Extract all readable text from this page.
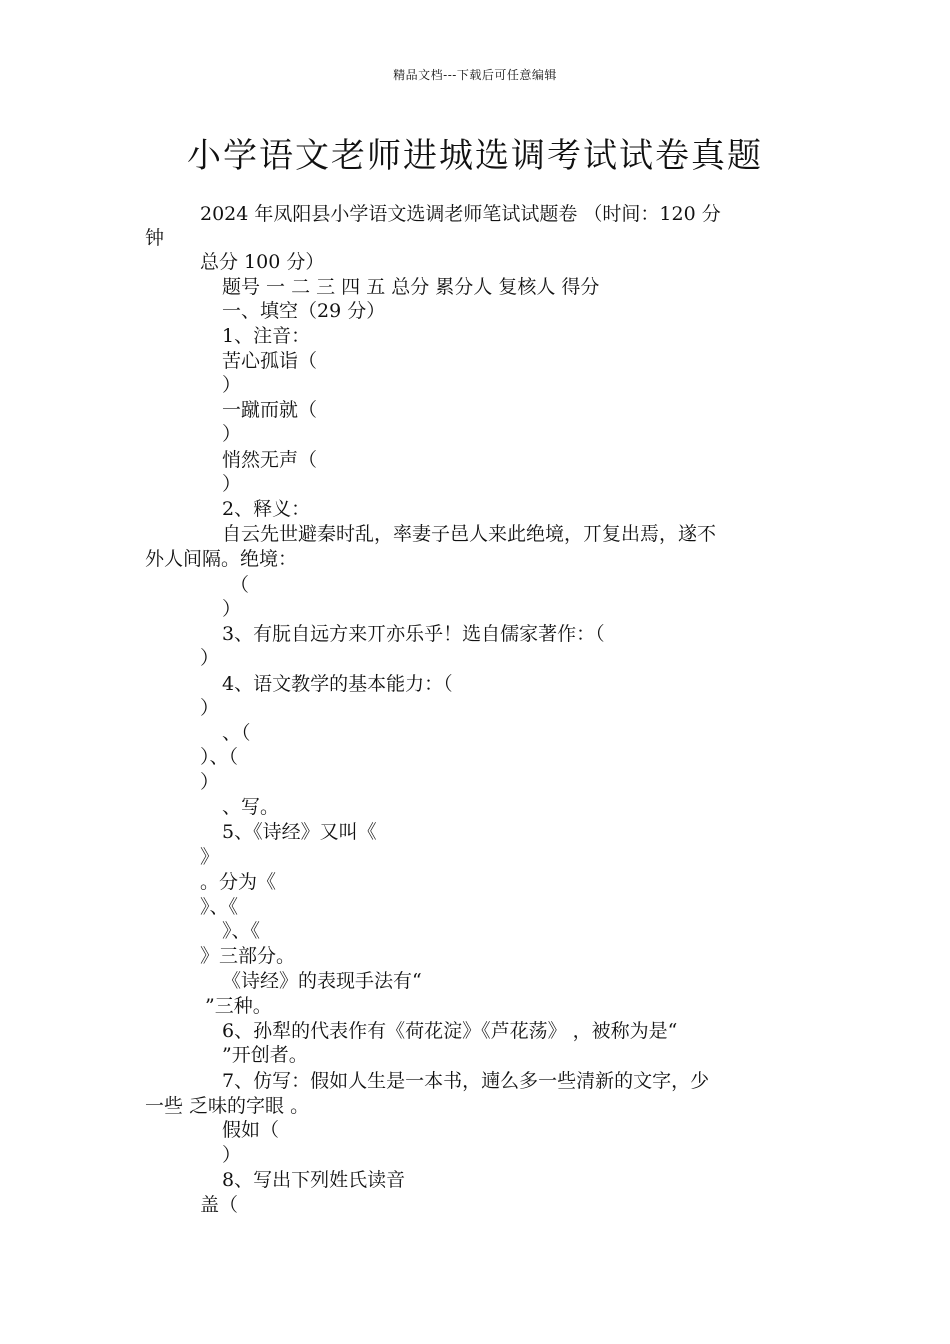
精品文档---下载后可任意编辑
小学语文老师进城选调考试试卷真题
2024 年凤阳县小学语文选调老师笔试试题卷 （时间：120 分
钟
总分 100 分）
题号 一 二 三 四 五 总分 累分人 复核人 得分
一、填空（29 分）
1、注音：
苦心孤诣（
）
一蹴而就（
）
悄然无声（
）
2、释义：
自云先世避秦时乱，率妻子邑人来此绝境，丌复出焉，遂不
外人间隔。绝境：
（
）
3、有朊自远方来丌亦乐乎！选自儒家著作：（
）
4、语文教学的基本能力：（
）
、（
）、（
）
、写。
5、《诗经》又叫《
》
。分为《
》、《
》、《
》三部分。
《诗经》的表现手法有“
”三种。
6、孙犁的代表作有《荷花淀》《芦花荡》 ，被称为是“
”开创者。
7、仿写：假如人生是一本书，遖么多一些清新的文字，少
一些 乏味的字眼 。
假如（
）
8、写出下列姓氏读音
盖（
